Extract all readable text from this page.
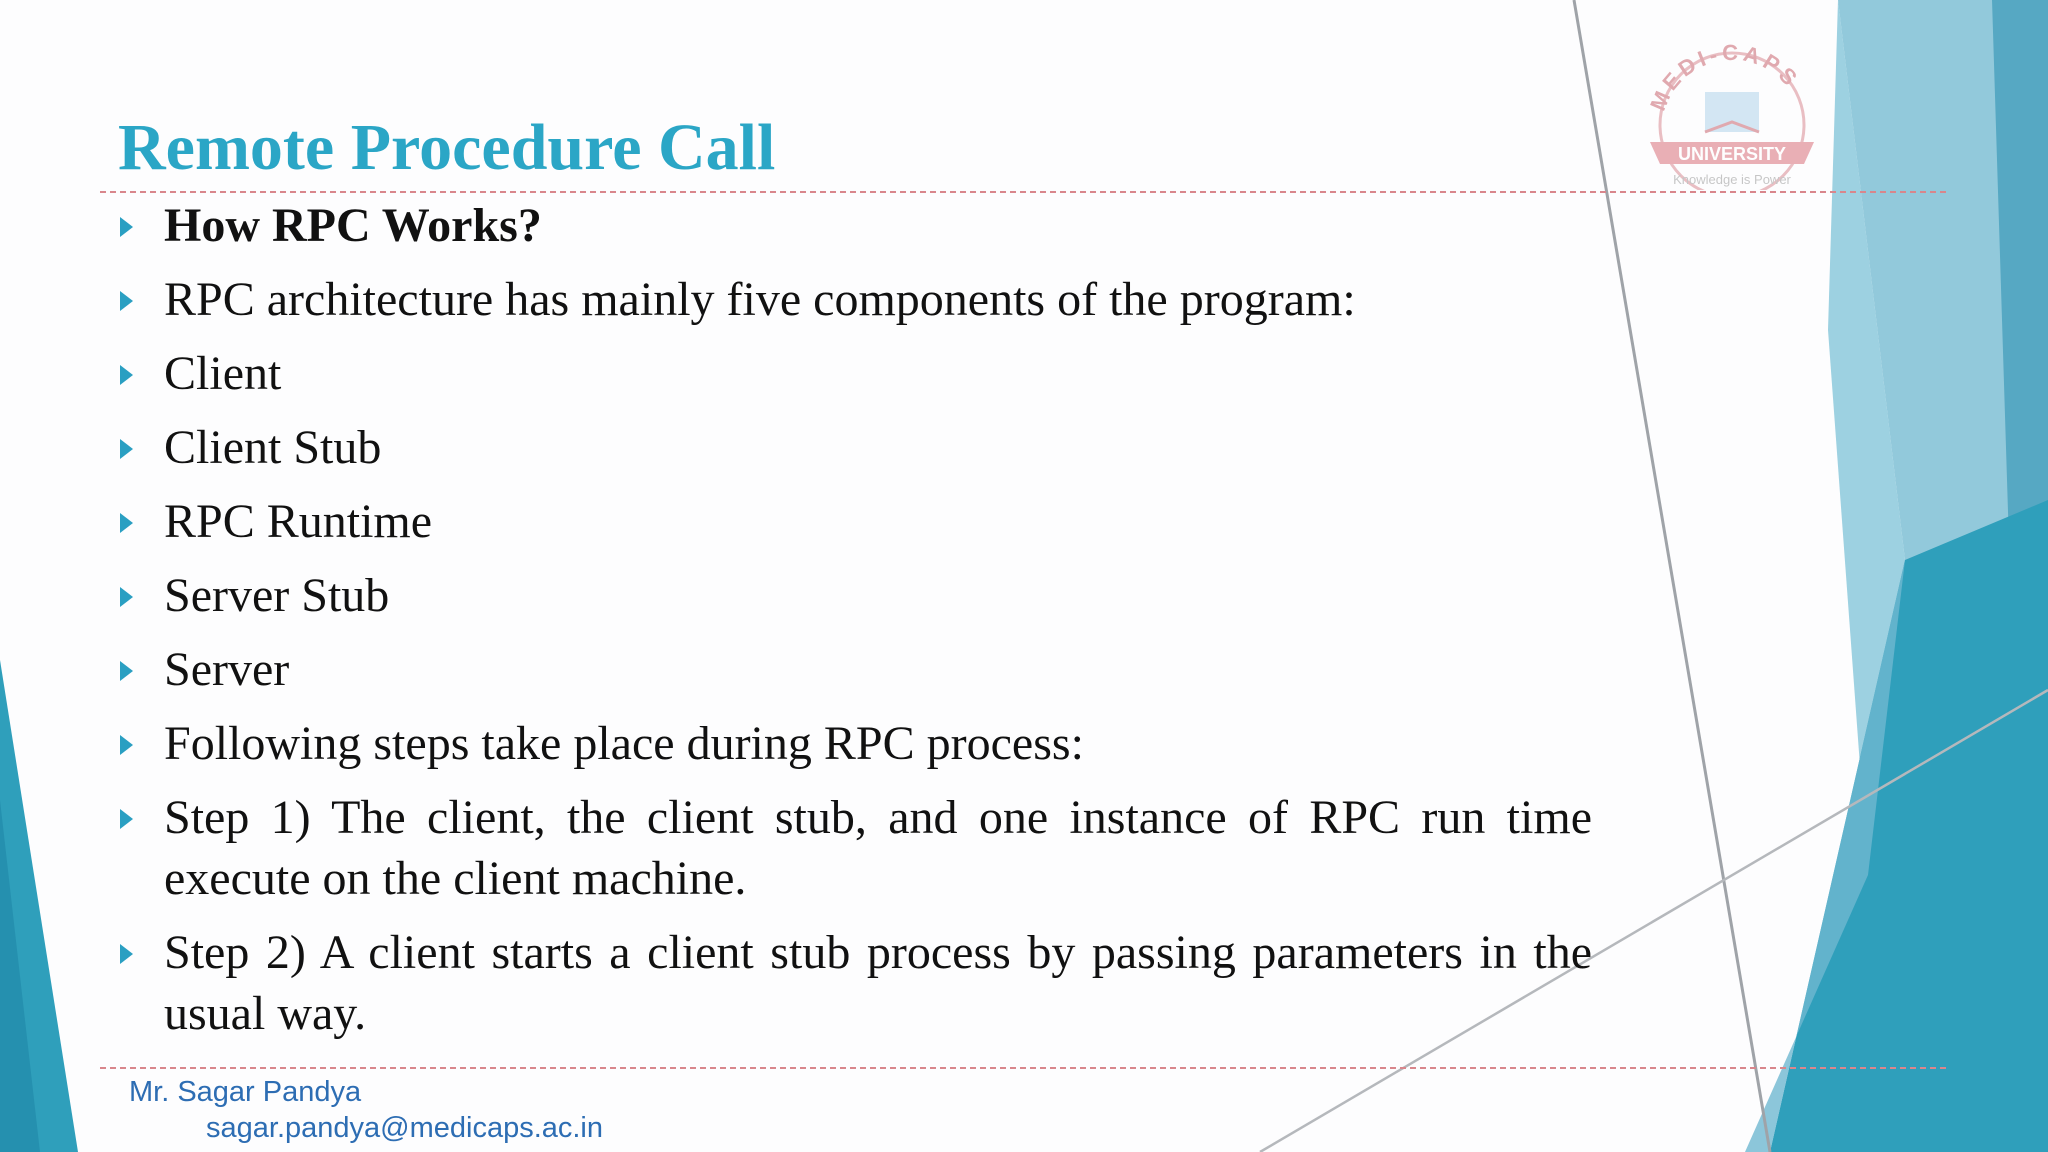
MEDI-CAPS
UNIVERSITY
Knowledge is Power
Remote Procedure Call
How RPC Works?
RPC architecture has mainly five components of the program:
Client
Client Stub
RPC Runtime
Server Stub
Server
Following steps take place during RPC process:
Step 1) The client, the client stub, and one instance of RPC run time execute on the client machine.
Step 2) A client starts a client stub process by passing parameters in the usual way.
Mr. Sagar Pandya
sagar.pandya@medicaps.ac.in
